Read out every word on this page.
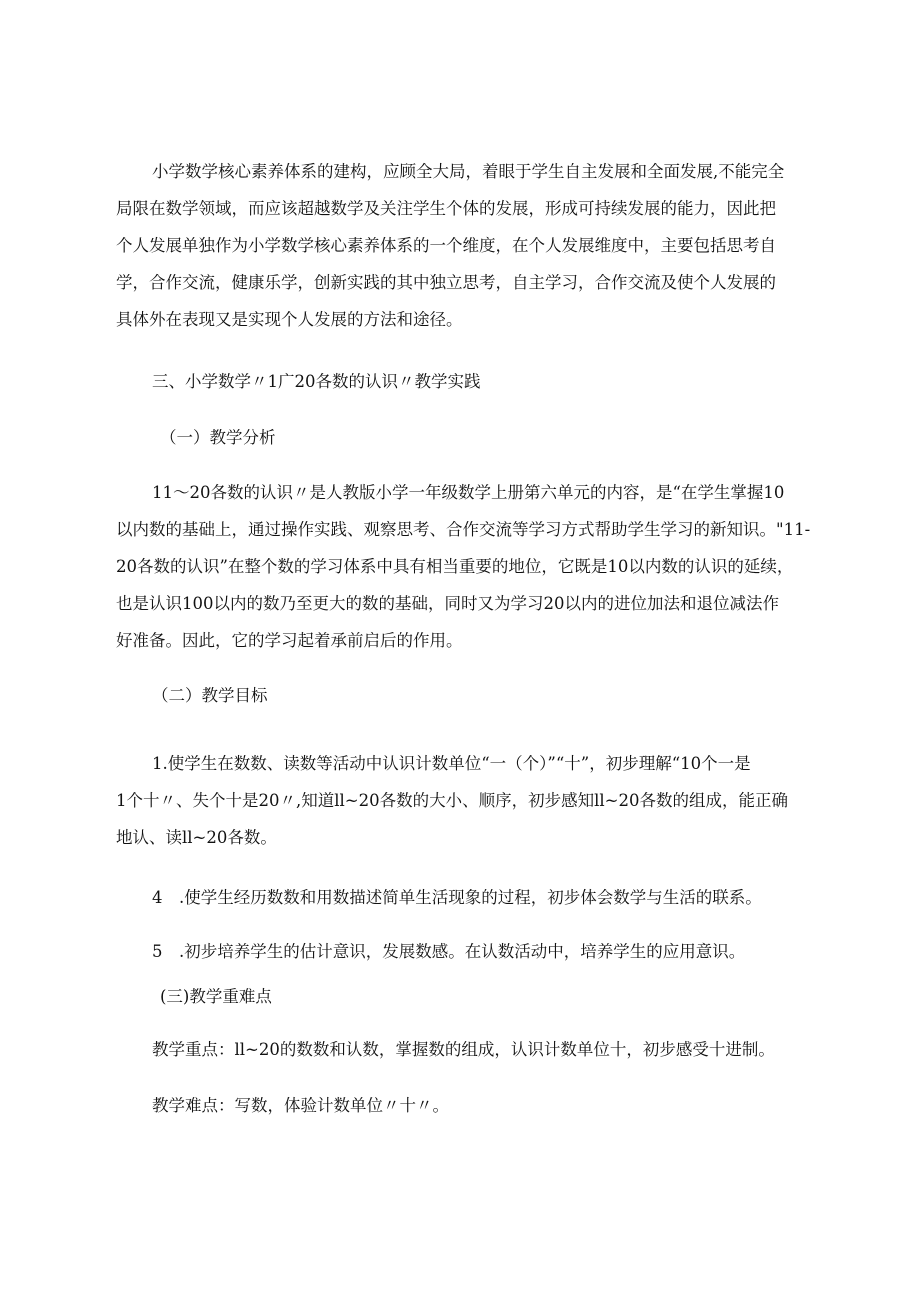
小学数学核心素养体系的建构，应顾全大局，着眼于学生自主发展和全面发展,不能完全
局限在数学领域，而应该超越数学及关注学生个体的发展，形成可持续发展的能力，因此把
个人发展单独作为小学数学核心素养体系的一个维度，在个人发展维度中，主要包括思考自
学，合作交流，健康乐学，创新实践的其中独立思考，自主学习，合作交流及使个人发展的
具体外在表现又是实现个人发展的方法和途径。

三、小学数学〃1广20各数的认识〃教学实践

（一）教学分析

11～20各数的认识〃是人教版小学一年级数学上册第六单元的内容，是“在学生掌握10
以内数的基础上，通过操作实践、观察思考、合作交流等学习方式帮助学生学习的新知识。"11-
20各数的认识”在整个数的学习体系中具有相当重要的地位，它既是10以内数的认识的延续，
也是认识100以内的数乃至更大的数的基础，同时又为学习20以内的进位加法和退位减法作
好准备。因此，它的学习起着承前启后的作用。

（二）教学目标

1.使学生在数数、读数等活动中认识计数单位“一（个）”“十”，初步理解“10个一是
1个十〃、失个十是20〃,知道ll~20各数的大小、顺序，初步感知ll~20各数的组成，能正确
地认、读ll~20各数。

4 .使学生经历数数和用数描述简单生活现象的过程，初步体会数学与生活的联系。

5 .初步培养学生的估计意识，发展数感。在认数活动中，培养学生的应用意识。

(三)教学重难点

教学重点：ll~20的数数和认数，掌握数的组成，认识计数单位十，初步感受十进制。

教学难点：写数，体验计数单位〃十〃。
